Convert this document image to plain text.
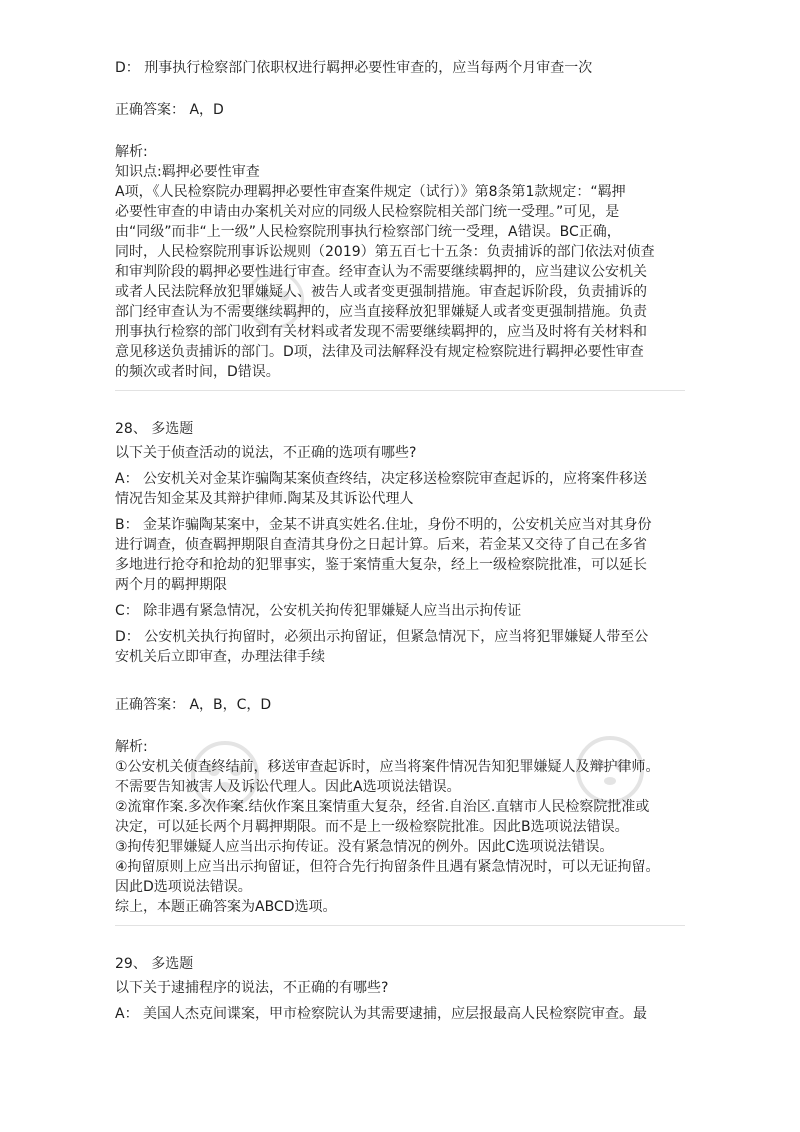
D： 刑事执行检察部门依职权进行羁押必要性审查的，应当每两个月审查一次

正确答案： A，D

解析:

知识点:羁押必要性审查

A项，《人民检察院办理羁押必要性审查案件规定（试行）》第8条第1款规定：“羁押

必要性审查的申请由办案机关对应的同级人民检察院相关部门统一受理。”可见，是

由“同级”而非“上一级”人民检察院刑事执行检察部门统一受理，A错误。BC正确，

同时，人民检察院刑事诉讼规则（2019）第五百七十五条：负责捕诉的部门依法对侦查

和审判阶段的羁押必要性进行审查。经审查认为不需要继续羁押的，应当建议公安机关

或者人民法院释放犯罪嫌疑人、被告人或者变更强制措施。审查起诉阶段，负责捕诉的

部门经审查认为不需要继续羁押的，应当直接释放犯罪嫌疑人或者变更强制措施。负责

刑事执行检察的部门收到有关材料或者发现不需要继续羁押的，应当及时将有关材料和

意见移送负责捕诉的部门。D项，法律及司法解释没有规定检察院进行羁押必要性审查

的频次或者时间，D错误。

28、 多选题

以下关于侦查活动的说法，不正确的选项有哪些?

A： 公安机关对金某诈骗陶某案侦查终结，决定移送检察院审查起诉的，应将案件移送

情况告知金某及其辩护律师.陶某及其诉讼代理人

B： 金某诈骗陶某案中，金某不讲真实姓名.住址，身份不明的，公安机关应当对其身份

进行调查，侦查羁押期限自查清其身份之日起计算。后来，若金某又交待了自己在多省

多地进行抢夺和抢劫的犯罪事实，鉴于案情重大复杂，经上一级检察院批准，可以延长

两个月的羁押期限

C： 除非遇有紧急情况，公安机关拘传犯罪嫌疑人应当出示拘传证

D： 公安机关执行拘留时，必须出示拘留证，但紧急情况下，应当将犯罪嫌疑人带至公

安机关后立即审查，办理法律手续

正确答案： A，B，C，D

解析:

①公安机关侦查终结前，移送审查起诉时，应当将案件情况告知犯罪嫌疑人及辩护律师。

不需要告知被害人及诉讼代理人。因此A选项说法错误。

②流窜作案.多次作案.结伙作案且案情重大复杂，经省.自治区.直辖市人民检察院批准或

决定，可以延长两个月羁押期限。而不是上一级检察院批准。因此B选项说法错误。

③拘传犯罪嫌疑人应当出示拘传证。没有紧急情况的例外。因此C选项说法错误。

④拘留原则上应当出示拘留证，但符合先行拘留条件且遇有紧急情况时，可以无证拘留。

因此D选项说法错误。

综上，本题正确答案为ABCD选项。

29、 多选题

以下关于逮捕程序的说法，不正确的有哪些?

A： 美国人杰克间谍案，甲市检察院认为其需要逮捕，应层报最高人民检察院审查。最
